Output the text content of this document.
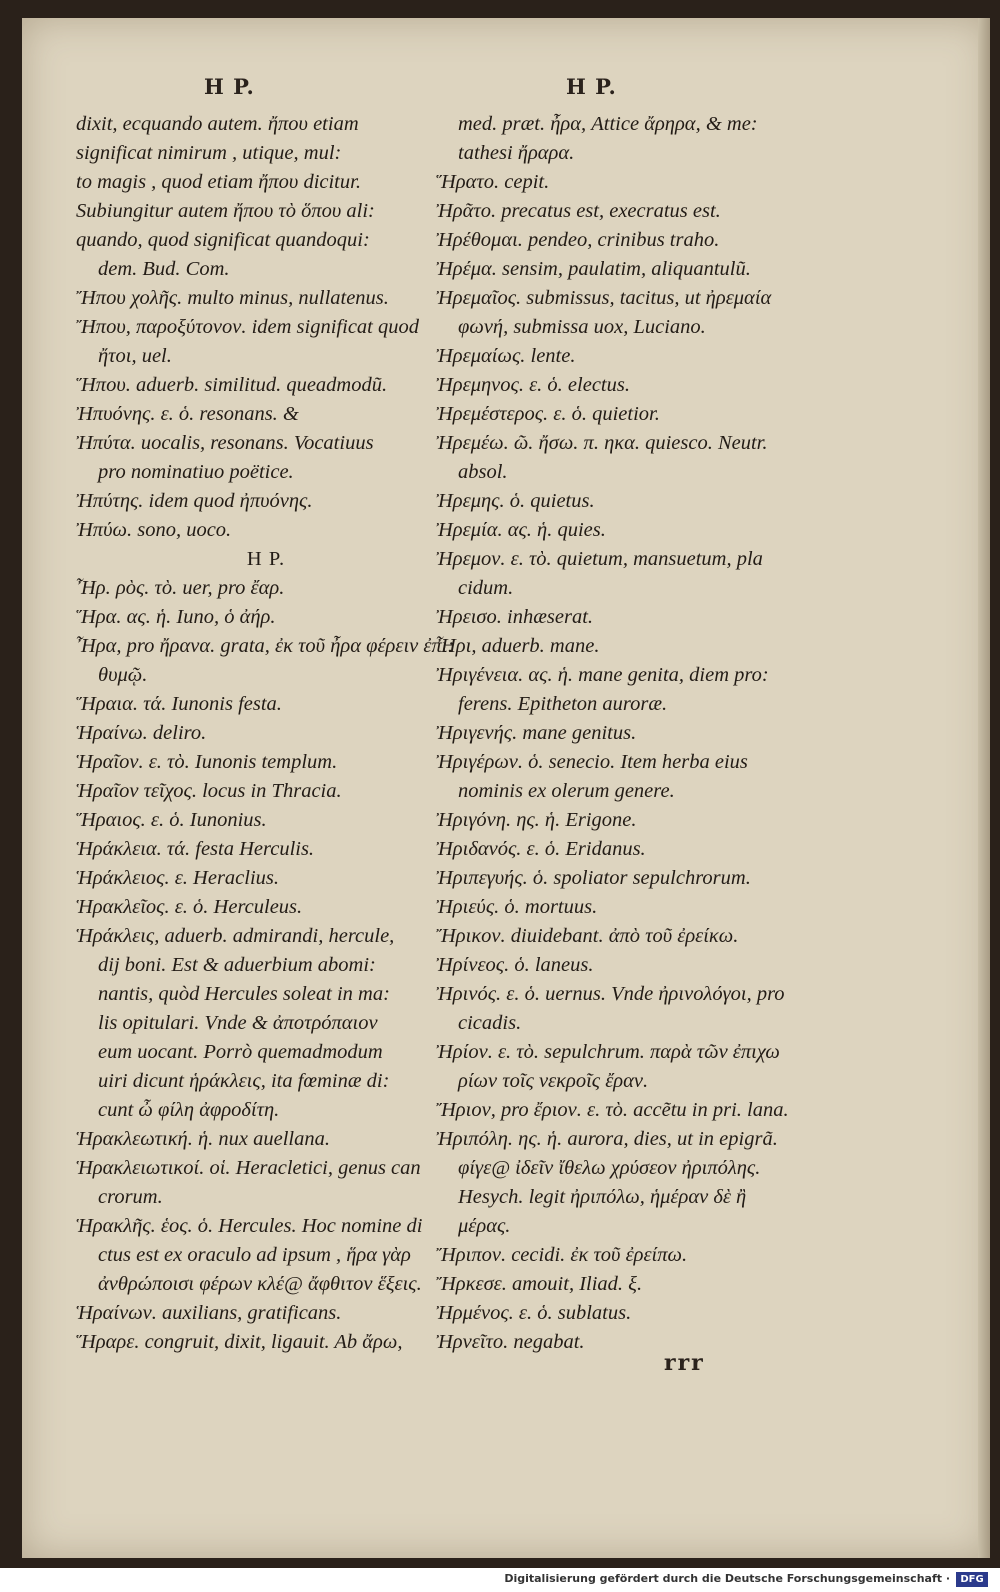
H P.	H P.
dixit, ecquando autem. ἤπου etiam
significat nimirum , utique, mul:
to magis , quod etiam ἤπου dicitur.
Subiungitur autem ἤπου τὸ ὅπου ali:
quando, quod significat quandoqui:
dem. Bud. Com.
Ἤπου χολῆς. multo minus, nullatenus.
Ἤπου, παροξύτονον. idem significat quod
ἤτοι, uel.
Ἥπου. aduerb. similitud. queadmodũ.
Ἠπυόνης. ε. ὁ. resonans. &
Ἠπύτα. uocalis, resonans. Vocatiuus
pro nominatiuo poëtice.
Ἠπύτης. idem quod ἠπυόνης.
Ἠπύω. sono, uoco.
H P.
Ἦρ. ρὸς. τὸ. uer, pro ἔαρ.
Ἥρα. ας. ἡ. Iuno, ὁ ἀήρ.
Ἦρα, pro ἤρανα. grata, ἐκ τοῦ ἦρα φέρειν ἐπι:
θυμῷ.
Ἥραια. τά. Iunonis festa.
Ἡραίνω. deliro.
Ἡραῖον. ε. τὸ. Iunonis templum.
Ἡραῖον τεῖχος. locus in Thracia.
Ἥραιος. ε. ὁ. Iunonius.
Ἡράκλεια. τά. festa Herculis.
Ἡράκλειος. ε. Heraclius.
Ἡρακλεῖος. ε. ὁ. Herculeus.
Ἡράκλεις, aduerb. admirandi, hercule,
dij boni. Est & aduerbium abomi:
nantis, quòd Hercules soleat in ma:
lis opitulari. Vnde & ἀποτρόπαιον
eum uocant. Porrò quemadmodum
uiri dicunt ἡράκλεις, ita fœminæ di:
cunt ὦ φίλη ἀφροδίτη.
Ἡρακλεωτική. ἡ. nux auellana.
Ἡρακλειωτικοί. οἱ. Heracletici, genus can
crorum.
Ἡρακλῆς. ἑος. ὁ. Hercules. Hoc nomine di
ctus est ex oraculo ad ipsum , ἥρα γὰρ
ἀνθρώποισι φέρων κλέ@ ἄφθιτον ἕξεις.
Ἡραίνων. auxilians, gratificans.
Ἥραρε. congruit, dixit, ligauit. Ab ἄρω,
med. præt. ἦρα, Attice ἄρηρα, & me:
tathesi ἤραρα.
Ἥρατο. cepit.
Ἠρᾶτο. precatus est, execratus est.
Ἠρέθομαι. pendeo, crinibus traho.
Ἠρέμα. sensim, paulatim, aliquantulũ.
Ἠρεμαῖος. submissus, tacitus, ut ἠρεμαία
φωνή, submissa uox, Luciano.
Ἠρεμαίως. lente.
Ἠρεμηνος. ε. ὁ. electus.
Ἠρεμέστερος. ε. ὁ. quietior.
Ἠρεμέω. ῶ. ἤσω. π. ηκα. quiesco. Neutr.
absol.
Ἠρεμης. ὁ. quietus.
Ἠρεμία. ας. ἡ. quies.
Ἠρεμον. ε. τὸ. quietum, mansuetum, pla
cidum.
Ἠρεισο. inhæserat.
Ἦρι, aduerb. mane.
Ἠριγένεια. ας. ἡ. mane genita, diem pro:
ferens. Epitheton auroræ.
Ἠριγενής. mane genitus.
Ἠριγέρων. ὁ. senecio. Item herba eius
nominis ex olerum genere.
Ἠριγόνη. ης. ἡ. Erigone.
Ἠριδανός. ε. ὁ. Eridanus.
Ἠριπεγυής. ὁ. spoliator sepulchrorum.
Ἠριεύς. ὁ. mortuus.
Ἤρικον. diuidebant. ἀπὸ τοῦ ἐρείκω.
Ἠρίνεος. ὁ. laneus.
Ἠρινός. ε. ὁ. uernus. Vnde ἠρινολόγοι, pro
cicadis.
Ἠρίον. ε. τὸ. sepulchrum. παρὰ τῶν ἐπιχω
ρίων τοῖς νεκροῖς ἔραν.
Ἤριον, pro ἔριον. ε. τὸ. accẽtu in pri. lana.
Ἠριπόλη. ης. ἡ. aurora, dies, ut in epigrã.
φίγε@ ἰδεῖν ἴθελω χρύσεον ἠριπόλης.
Hesych. legit ἠριπόλω, ἡμέραν δὲ ἢ
μέρας.
Ἤριπον. cecidi. ἐκ τοῦ ἐρείπω.
Ἤρκεσε. amouit, Iliad. ξ.
Ἠρμένος. ε. ὁ. sublatus.
Ἠρνεῖτο. negabat.
rrr
Digitalisierung gefördert durch die Deutsche Forschungsgemeinschaft ·	DFG
